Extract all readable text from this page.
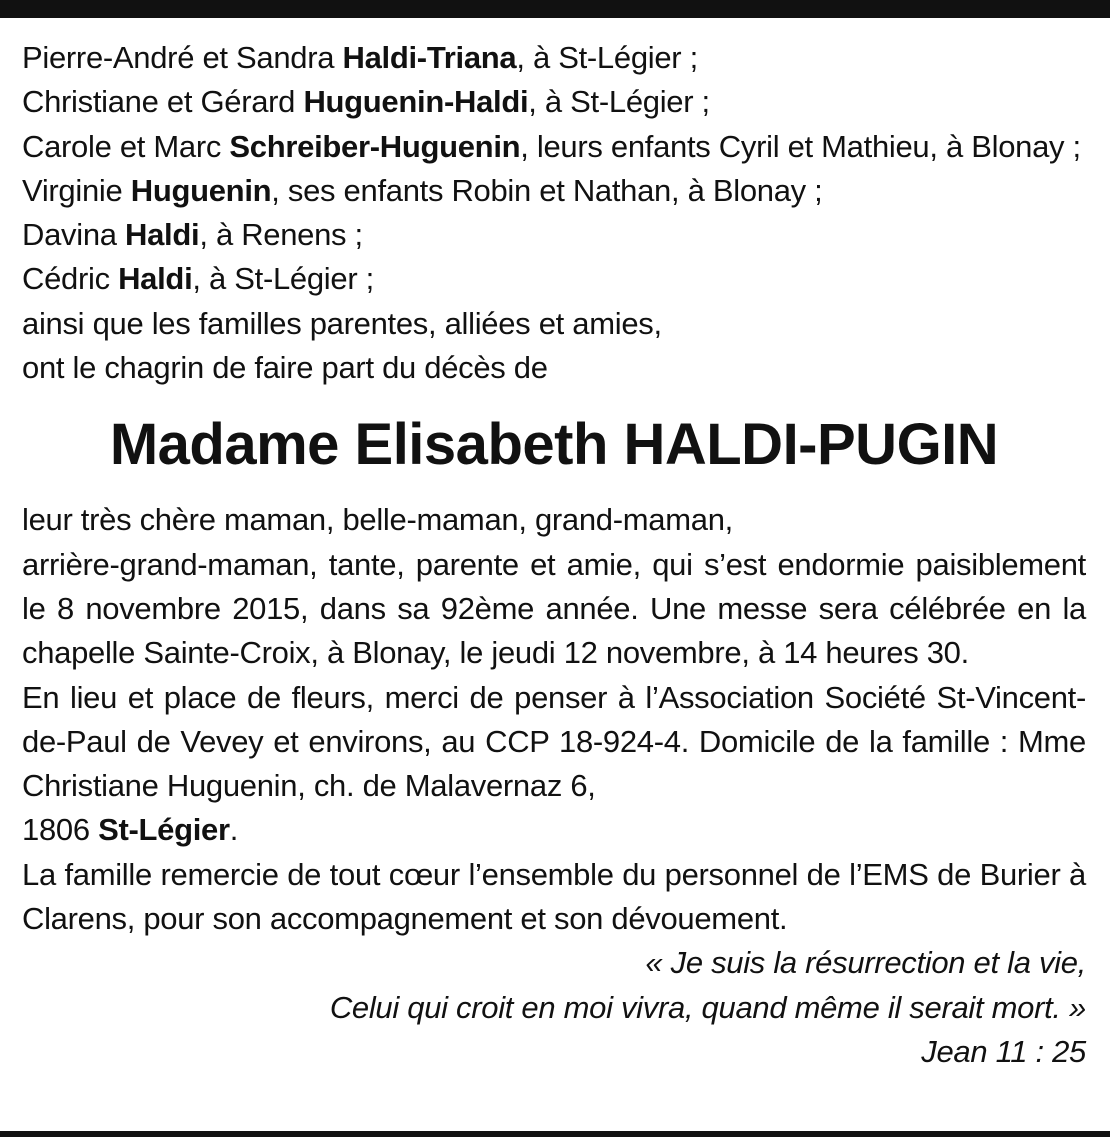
Pierre-André et Sandra Haldi-Triana, à St-Légier ;
Christiane et Gérard Huguenin-Haldi, à St-Légier ;
Carole et Marc Schreiber-Huguenin, leurs enfants Cyril et Mathieu, à Blonay ;
Virginie Huguenin, ses enfants Robin et Nathan, à Blonay ;
Davina Haldi, à Renens ;
Cédric Haldi, à St-Légier ;
ainsi que les familles parentes, alliées et amies,
ont le chagrin de faire part du décès de
Madame Elisabeth HALDI-PUGIN
leur très chère maman, belle-maman, grand-maman,
arrière-grand-maman, tante, parente et amie, qui s’est endormie paisiblement le 8 novembre 2015, dans sa 92ème année. Une messe sera célébrée en la chapelle Sainte-Croix, à Blonay, le jeudi 12 novembre, à 14 heures 30.
En lieu et place de fleurs, merci de penser à l’Association Société St-Vincent-de-Paul de Vevey et environs, au CCP 18-924-4. Domicile de la famille : Mme Christiane Huguenin, ch. de Malavernaz 6,
1806 St-Légier.
La famille remercie de tout cœur l’ensemble du personnel de l’EMS de Burier à Clarens, pour son accompagnement et son dévouement.
« Je suis la résurrection et la vie,
Celui qui croit en moi vivra, quand même il serait mort. »
Jean 11 : 25
